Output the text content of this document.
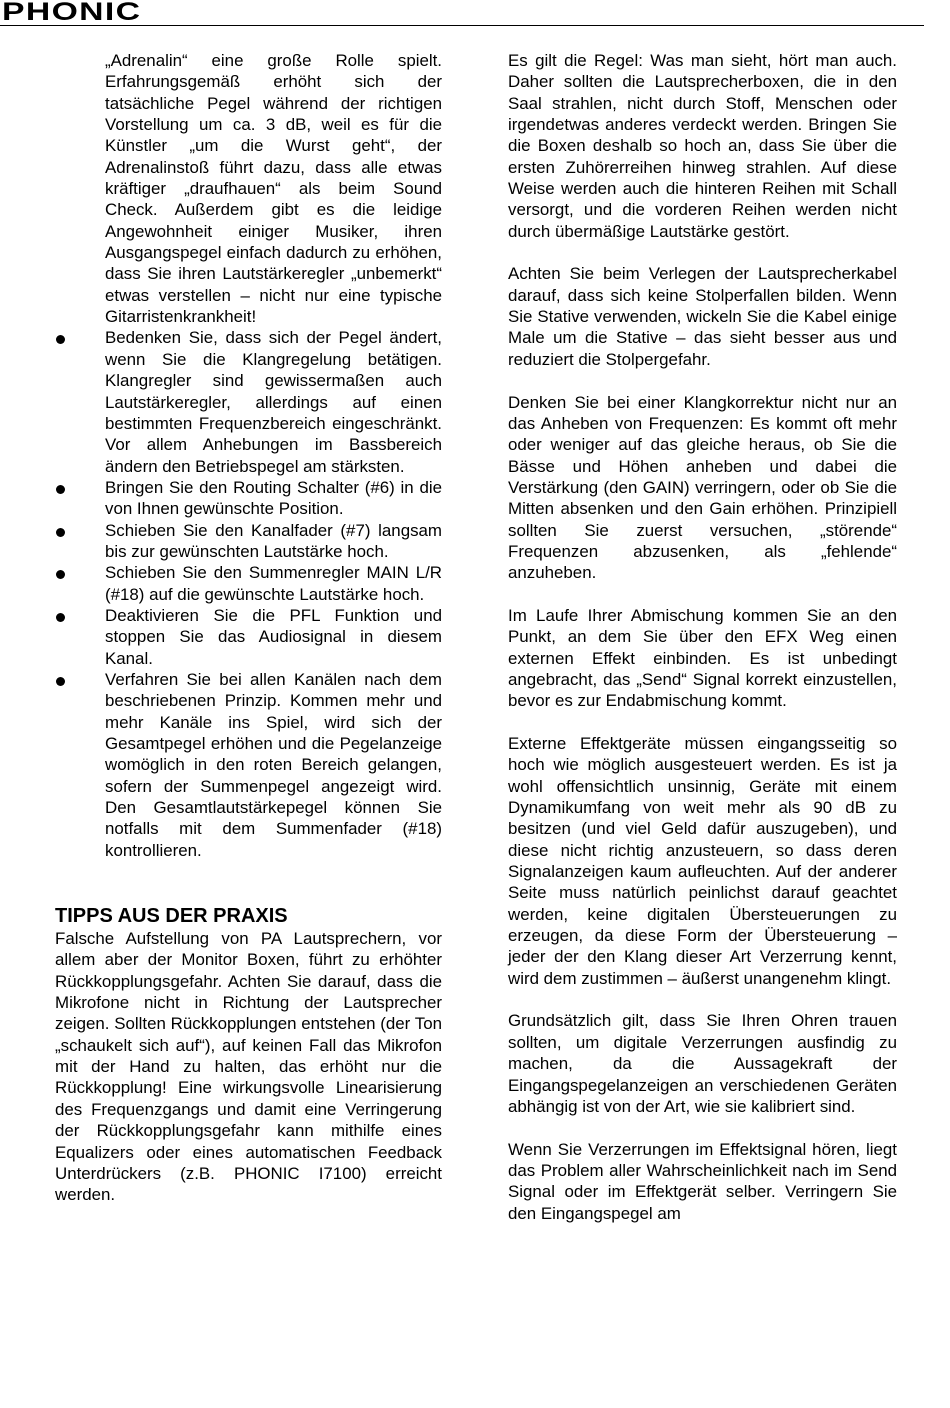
PHONIC

„Adrenalin“ eine große Rolle spielt. Erfahrungsgemäß erhöht sich der tatsächliche Pegel während der richtigen Vorstellung um ca. 3 dB, weil es für die Künstler „um die Wurst geht“, der Adrenalinstoß führt dazu, dass alle etwas kräftiger „draufhauen“ als beim Sound Check. Außerdem gibt es die leidige Angewohnheit einiger Musiker, ihren Ausgangspegel einfach dadurch zu erhöhen, dass Sie ihren Lautstärkeregler „unbemerkt“ etwas verstellen – nicht nur eine typische Gitarristenkrankheit!

Bedenken Sie, dass sich der Pegel ändert, wenn Sie die Klangregelung betätigen. Klangregler sind gewissermaßen auch Lautstärkeregler, allerdings auf einen bestimmten Frequenzbereich eingeschränkt. Vor allem Anhebungen im Bassbereich ändern den Betriebspegel am stärksten.
Bringen Sie den Routing Schalter (#6) in die von Ihnen gewünschte Position.
Schieben Sie den Kanalfader (#7) langsam bis zur gewünschten Lautstärke hoch.
Schieben Sie den Summenregler MAIN L/R (#18) auf die gewünschte Lautstärke hoch.
Deaktivieren Sie die PFL Funktion und stoppen Sie das Audiosignal in diesem Kanal.
Verfahren Sie bei allen Kanälen nach dem beschriebenen Prinzip. Kommen mehr und mehr Kanäle ins Spiel, wird sich der Gesamtpegel erhöhen und die Pegelanzeige womöglich in den roten Bereich gelangen, sofern der Summenpegel angezeigt wird. Den Gesamtlautstärkepegel können Sie notfalls mit dem Summenfader (#18) kontrollieren.
TIPPS AUS DER PRAXIS

Falsche Aufstellung von PA Lautsprechern, vor allem aber der Monitor Boxen, führt zu erhöhter Rückkopplungsgefahr. Achten Sie darauf, dass die Mikrofone nicht in Richtung der Lautsprecher zeigen. Sollten Rückkopplungen entstehen (der Ton „schaukelt sich auf“), auf keinen Fall das Mikrofon mit der Hand zu halten, das erhöht nur die Rückkopplung! Eine wirkungsvolle Linearisierung des Frequenzgangs und damit eine Verringerung der Rückkopplungsgefahr kann mithilfe eines Equalizers oder eines automatischen Feedback Unterdrückers (z.B. PHONIC I7100) erreicht werden.

Es gilt die Regel: Was man sieht, hört man auch. Daher sollten die Lautsprecherboxen, die in den Saal strahlen, nicht durch Stoff, Menschen oder irgendetwas anderes verdeckt werden. Bringen Sie die Boxen deshalb so hoch an, dass Sie über die ersten Zuhörerreihen hinweg strahlen. Auf diese Weise werden auch die hinteren Reihen mit Schall versorgt, und die vorderen Reihen werden nicht durch übermäßige Lautstärke gestört.

Achten Sie beim Verlegen der Lautsprecherkabel darauf, dass sich keine Stolperfallen bilden. Wenn Sie Stative verwenden, wickeln Sie die Kabel einige Male um die Stative – das sieht besser aus und reduziert die Stolpergefahr.

Denken Sie bei einer Klangkorrektur nicht nur an das Anheben von Frequenzen: Es kommt oft mehr oder weniger auf das gleiche heraus, ob Sie die Bässe und Höhen anheben und dabei die Verstärkung (den GAIN) verringern, oder ob Sie die Mitten absenken und den Gain erhöhen. Prinzipiell sollten Sie zuerst versuchen, „störende“ Frequenzen abzusenken, als „fehlende“ anzuheben.

Im Laufe Ihrer Abmischung kommen Sie an den Punkt, an dem Sie über den EFX Weg einen externen Effekt einbinden. Es ist unbedingt angebracht, das „Send“ Signal korrekt einzustellen, bevor es zur Endabmischung kommt.

Externe Effektgeräte müssen eingangsseitig so hoch wie möglich ausgesteuert werden. Es ist ja wohl offensichtlich unsinnig, Geräte mit einem Dynamikumfang von weit mehr als 90 dB zu besitzen (und viel Geld dafür auszugeben), und diese nicht richtig anzusteuern, so dass deren Signalanzeigen kaum aufleuchten. Auf der anderer Seite muss natürlich peinlichst darauf geachtet werden, keine digitalen Übersteuerungen zu erzeugen, da diese Form der Übersteuerung – jeder der den Klang dieser Art Verzerrung kennt, wird dem zustimmen – äußerst unangenehm klingt.

Grundsätzlich gilt, dass Sie Ihren Ohren trauen sollten, um digitale Verzerrungen ausfindig zu machen, da die Aussagekraft der Eingangspegelanzeigen an verschiedenen Geräten abhängig ist von der Art, wie sie kalibriert sind.

Wenn Sie Verzerrungen im Effektsignal hören, liegt das Problem aller Wahrscheinlichkeit nach im Send Signal oder im Effektgerät selber. Verringern Sie den Eingangspegel am
